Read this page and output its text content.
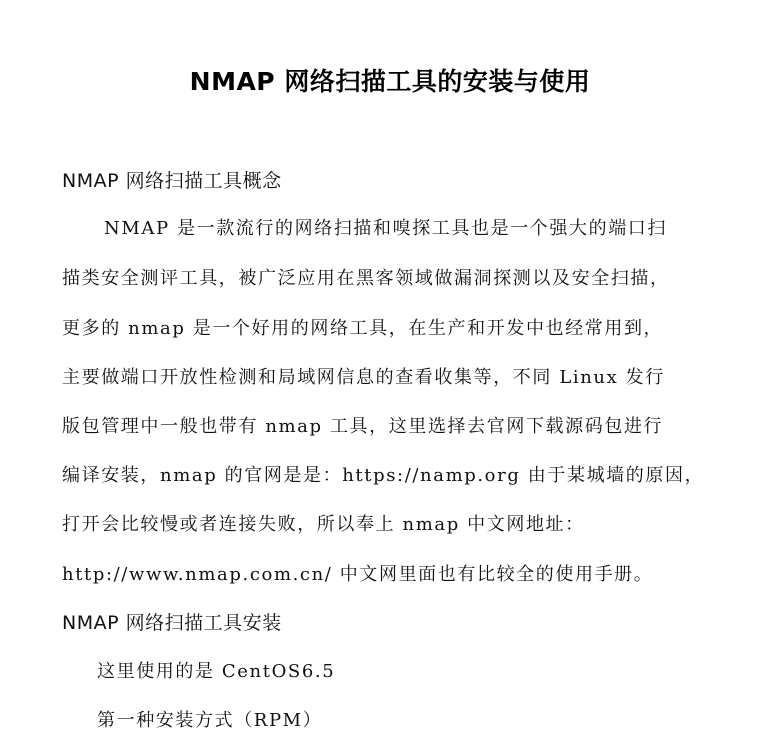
NMAP 网络扫描工具的安装与使用
NMAP 网络扫描工具概念
NMAP 是一款流行的网络扫描和嗅探工具也是一个强大的端口扫
描类安全测评工具，被广泛应用在黑客领域做漏洞探测以及安全扫描，
更多的 nmap 是一个好用的网络工具，在生产和开发中也经常用到，
主要做端口开放性检测和局域网信息的查看收集等，不同 Linux 发行
版包管理中一般也带有 nmap 工具，这里选择去官网下载源码包进行
编译安装，nmap 的官网是是：https://namp.org 由于某城墙的原因，
打开会比较慢或者连接失败，所以奉上 nmap 中文网地址：
http://www.nmap.com.cn/ 中文网里面也有比较全的使用手册。
NMAP 网络扫描工具安装
这里使用的是 CentOS6.5
第一种安装方式（RPM）
